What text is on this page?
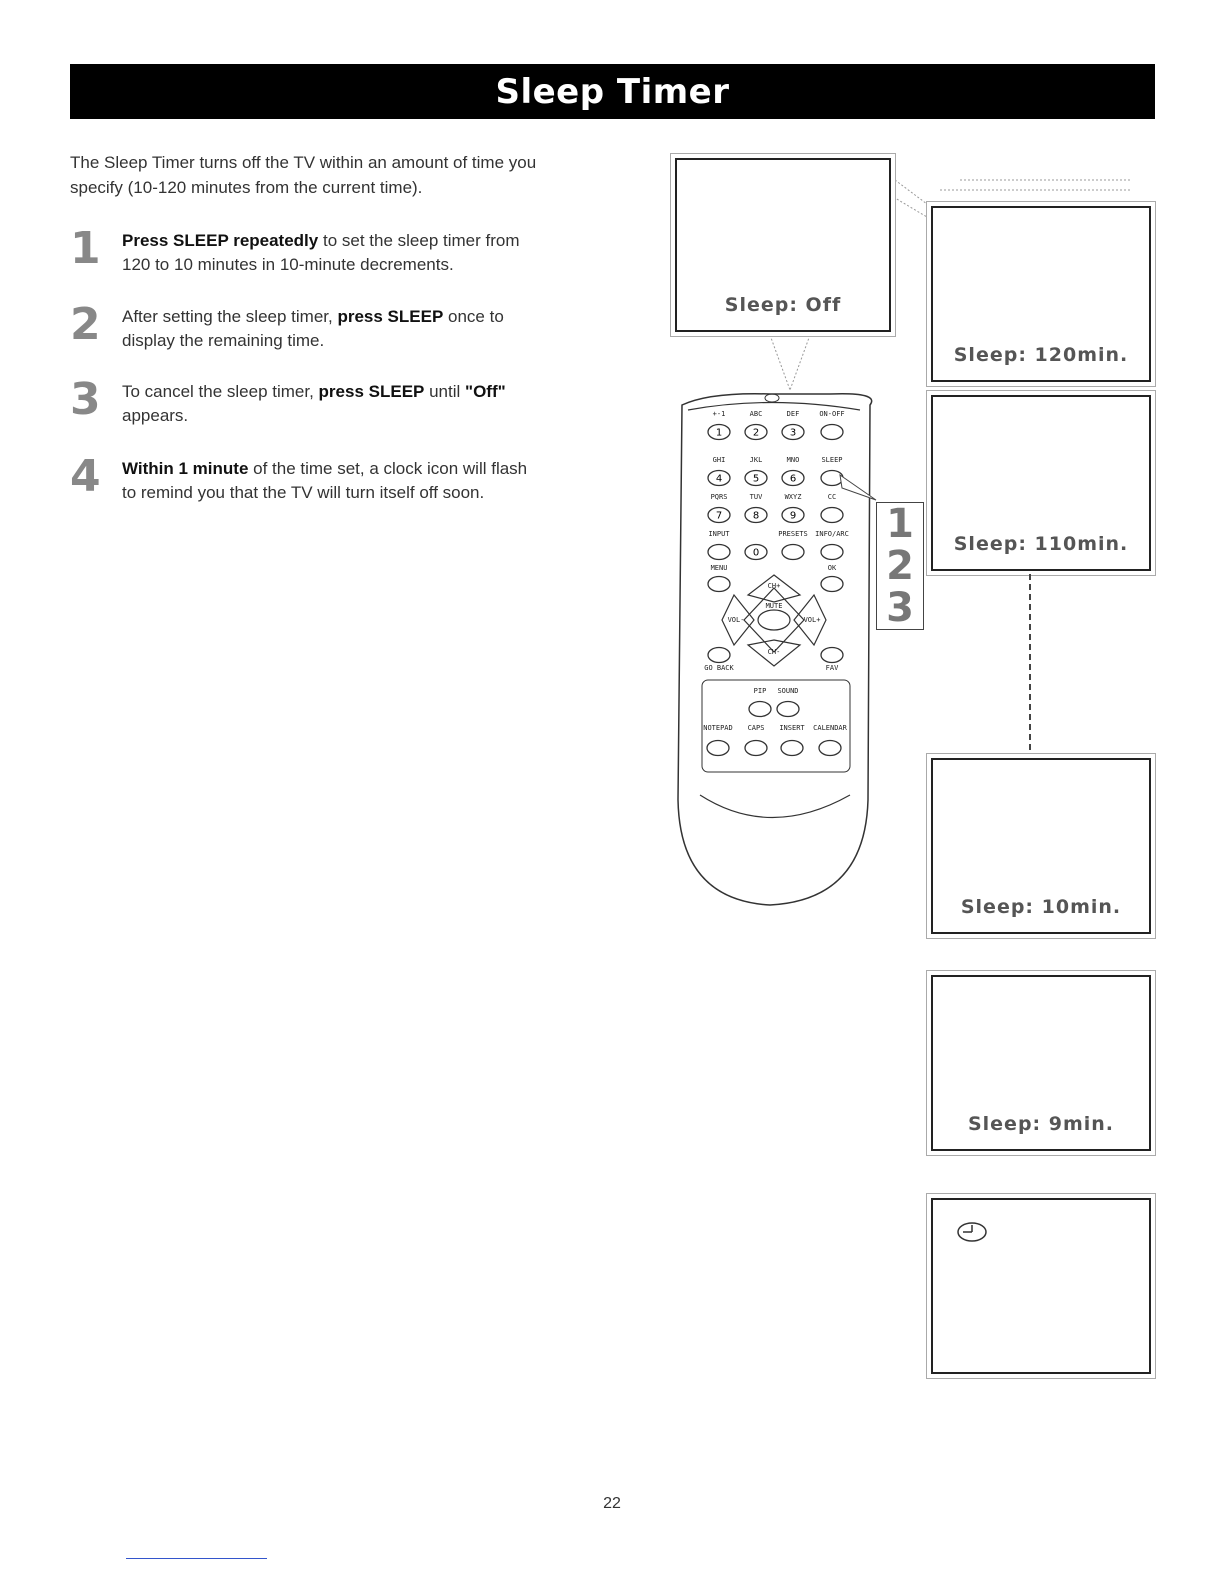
Sleep Timer
The Sleep Timer turns off the TV within an amount of time you specify (10-120 minutes from the current time).
1	Press SLEEP repeatedly to set the sleep timer from 120 to 10 minutes in 10-minute decrements.
2	After setting the sleep timer, press SLEEP once to display the remaining time.
3	To cancel the sleep timer, press SLEEP until "Off" appears.
4	Within 1 minute of the time set, a clock icon will flash to remind you that the TV will turn itself off soon.
Sleep: Off
Sleep: 120min.
Sleep: 110min.
Sleep: 10min.
Sleep: 9min.
1	2	3
4	5	6
7	8	9
0
+-1	ABC	DEF	ON-OFF
GHI	JKL	MNO	SLEEP
PQRS	TUV	WXYZ	CC
INPUT	PRESETS	INFO/ARC
MENU	OK
CH+
CH-
VOL-	VOL+
MUTE
GO BACK	FAV
PIP	SOUND
NOTEPAD	CAPS	INSERT	CALENDAR
1
2
3
22
